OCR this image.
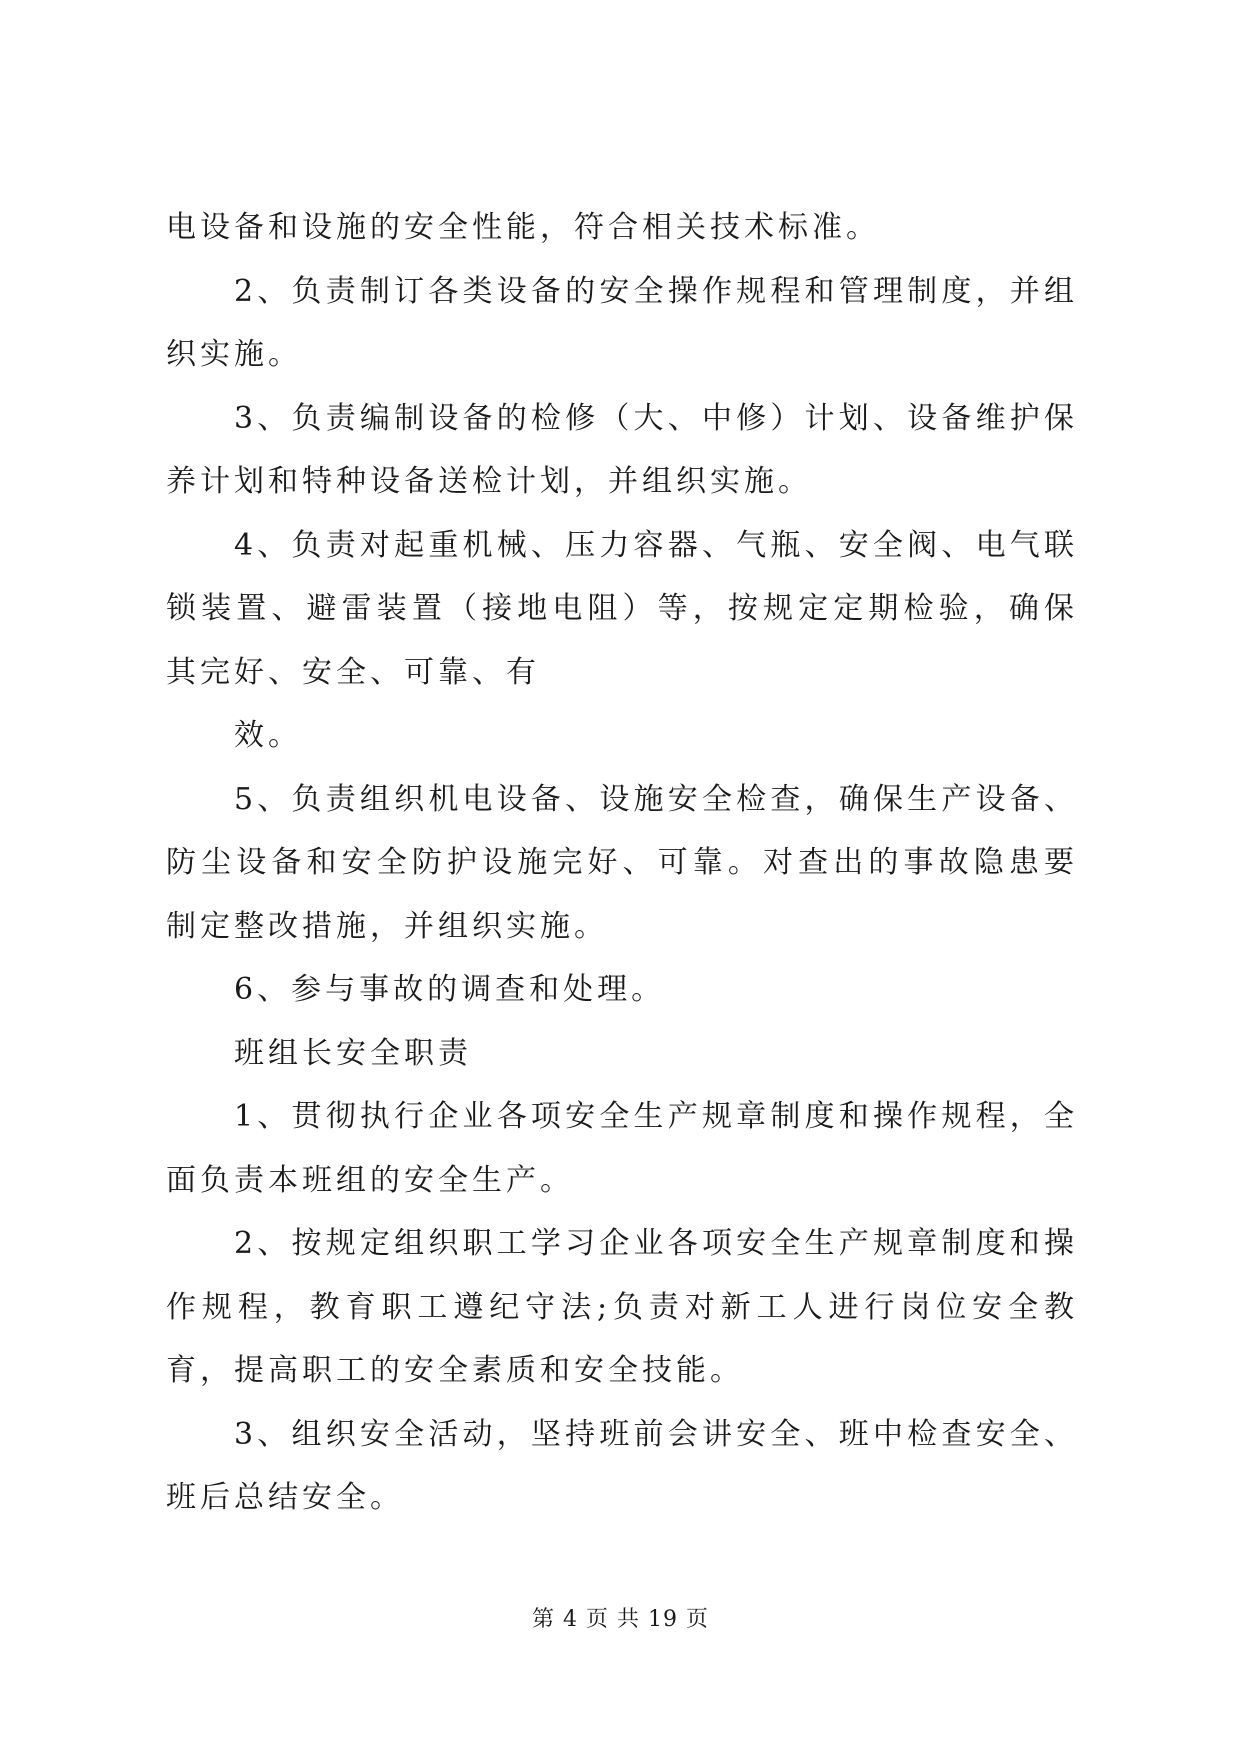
电设备和设施的安全性能，符合相关技术标准。

2、负责制订各类设备的安全操作规程和管理制度，并组织实施。

3、负责编制设备的检修（大、中修）计划、设备维护保养计划和特种设备送检计划，并组织实施。

4、负责对起重机械、压力容器、气瓶、安全阀、电气联锁装置、避雷装置（接地电阻）等，按规定定期检验，确保其完好、安全、可靠、有

效。

5、负责组织机电设备、设施安全检查，确保生产设备、防尘设备和安全防护设施完好、可靠。对查出的事故隐患要制定整改措施，并组织实施。

6、参与事故的调查和处理。

班组长安全职责

1、贯彻执行企业各项安全生产规章制度和操作规程，全面负责本班组的安全生产。

2、按规定组织职工学习企业各项安全生产规章制度和操作规程，教育职工遵纪守法;负责对新工人进行岗位安全教育，提高职工的安全素质和安全技能。

3、组织安全活动，坚持班前会讲安全、班中检查安全、班后总结安全。

第 4 页 共 19 页
